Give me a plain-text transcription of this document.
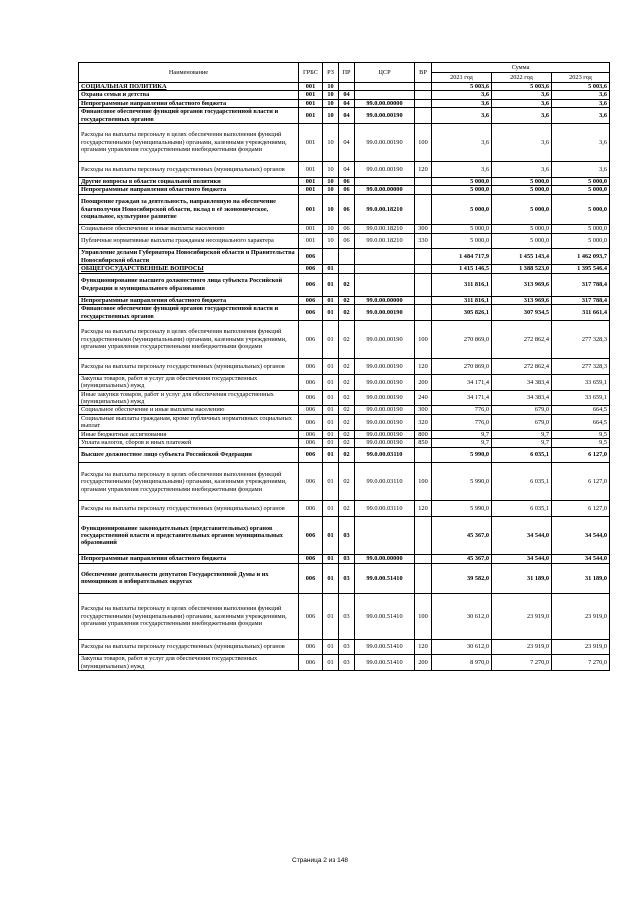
Наименование	ГРБС	РЗ	ПР	ЦСР	ВР	Сумма		
						2021 год	2022 год	2023 год
СОЦИАЛЬНАЯ ПОЛИТИКА	001	10				5 003,6	5 003,6	5 003,6
Охрана семьи и детства	001	10	04			3,6	3,6	3,6
Непрограммные направления областного бюджета	001	10	04	99.0.00.00000		3,6	3,6	3,6
Финансовое обеспечение функций органов государственной власти и государственных органов	001	10	04	99.0.00.00190		3,6	3,6	3,6
Расходы на выплаты персоналу в целях обеспечения выполнения функций государственными (муниципальными) органами, казенными учреждениями, органами управления государственными внебюджетными фондами	001	10	04	99.0.00.00190	100	3,6	3,6	3,6
Расходы на выплаты персоналу государственных (муниципальных) органов	001	10	04	99.0.00.00190	120	3,6	3,6	3,6
Другие вопросы в области социальной политики	001	10	06			5 000,0	5 000,0	5 000,0
Непрограммные направления областного бюджета	001	10	06	99.0.00.00000		5 000,0	5 000,0	5 000,0
Поощрение граждан за деятельность, направленную на обеспечение благополучия Новосибирской области, вклад в её экономическое, социальное, культурное развитие	001	10	06	99.0.00.18210		5 000,0	5 000,0	5 000,0
Социальное обеспечение и иные выплаты населению	001	10	06	99.0.00.18210	300	5 000,0	5 000,0	5 000,0
Публичные нормативные выплаты гражданам несоциального характера	001	10	06	99.0.00.18210	330	5 000,0	5 000,0	5 000,0
Управление делами Губернатора Новосибирской области и Правительства Новосибирской области	006					1 484 717,9	1 455 143,4	1 462 093,7
ОБЩЕГОСУДАРСТВЕННЫЕ ВОПРОСЫ	006	01				1 415 146,5	1 388 523,0	1 395 546,4
Функционирование высшего должностного лица субъекта Российской Федерации и муниципального образования	006	01	02			311 816,1	313 969,6	317 788,4
Непрограммные направления областного бюджета	006	01	02	99.0.00.00000		311 816,1	313 969,6	317 788,4
Финансовое обеспечение функций органов государственной власти и государственных органов	006	01	02	99.0.00.00190		305 826,1	307 934,5	311 661,4
Расходы на выплаты персоналу в целях обеспечения выполнения функций государственными (муниципальными) органами, казенными учреждениями, органами управления государственными внебюджетными фондами	006	01	02	99.0.00.00190	100	270 869,0	272 862,4	277 328,3
Расходы на выплаты персоналу государственных (муниципальных) органов	006	01	02	99.0.00.00190	120	270 869,0	272 862,4	277 328,3
Закупка товаров, работ и услуг для обеспечения государственных (муниципальных) нужд	006	01	02	99.0.00.00190	200	34 171,4	34 383,4	33 659,1
Иные закупки товаров, работ и услуг для обеспечения государственных (муниципальных) нужд	006	01	02	99.0.00.00190	240	34 171,4	34 383,4	33 659,1
Социальное обеспечение и иные выплаты населению	006	01	02	99.0.00.00190	300	776,0	679,0	664,5
Социальные выплаты гражданам, кроме публичных нормативных социальных выплат	006	01	02	99.0.00.00190	320	776,0	679,0	664,5
Иные бюджетные ассигнования	006	01	02	99.0.00.00190	800	9,7	9,7	9,5
Уплата налогов, сборов и иных платежей	006	01	02	99.0.00.00190	850	9,7	9,7	9,5
Высшее должностное лицо субъекта Российской Федерации	006	01	02	99.0.00.03110		5 990,0	6 035,1	6 127,0
Расходы на выплаты персоналу в целях обеспечения выполнения функций государственными (муниципальными) органами, казенными учреждениями, органами управления государственными внебюджетными фондами	006	01	02	99.0.00.03110	100	5 990,0	6 035,1	6 127,0
Расходы на выплаты персоналу государственных (муниципальных) органов	006	01	02	99.0.00.03110	120	5 990,0	6 035,1	6 127,0
Функционирование законодательных (представительных) органов государственной власти и представительных органов муниципальных образований	006	01	03			45 367,0	34 544,0	34 544,0
Непрограммные направления областного бюджета	006	01	03	99.0.00.00000		45 367,0	34 544,0	34 544,0
Обеспечение деятельности депутатов Государственной Думы и их помощников в избирательных округах	006	01	03	99.0.00.51410		39 582,0	31 189,0	31 189,0
Расходы на выплаты персоналу в целях обеспечения выполнения функций государственными (муниципальными) органами, казенными учреждениями, органами управления государственными внебюджетными фондами	006	01	03	99.0.00.51410	100	30 612,0	23 919,0	23 919,0
Расходы на выплаты персоналу государственных (муниципальных) органов	006	01	03	99.0.00.51410	120	30 612,0	23 919,0	23 919,0
Закупка товаров, работ и услуг для обеспечения государственных (муниципальных) нужд	006	01	03	99.0.00.51410	200	8 970,0	7 270,0	7 270,0
Страница 2 из 148
